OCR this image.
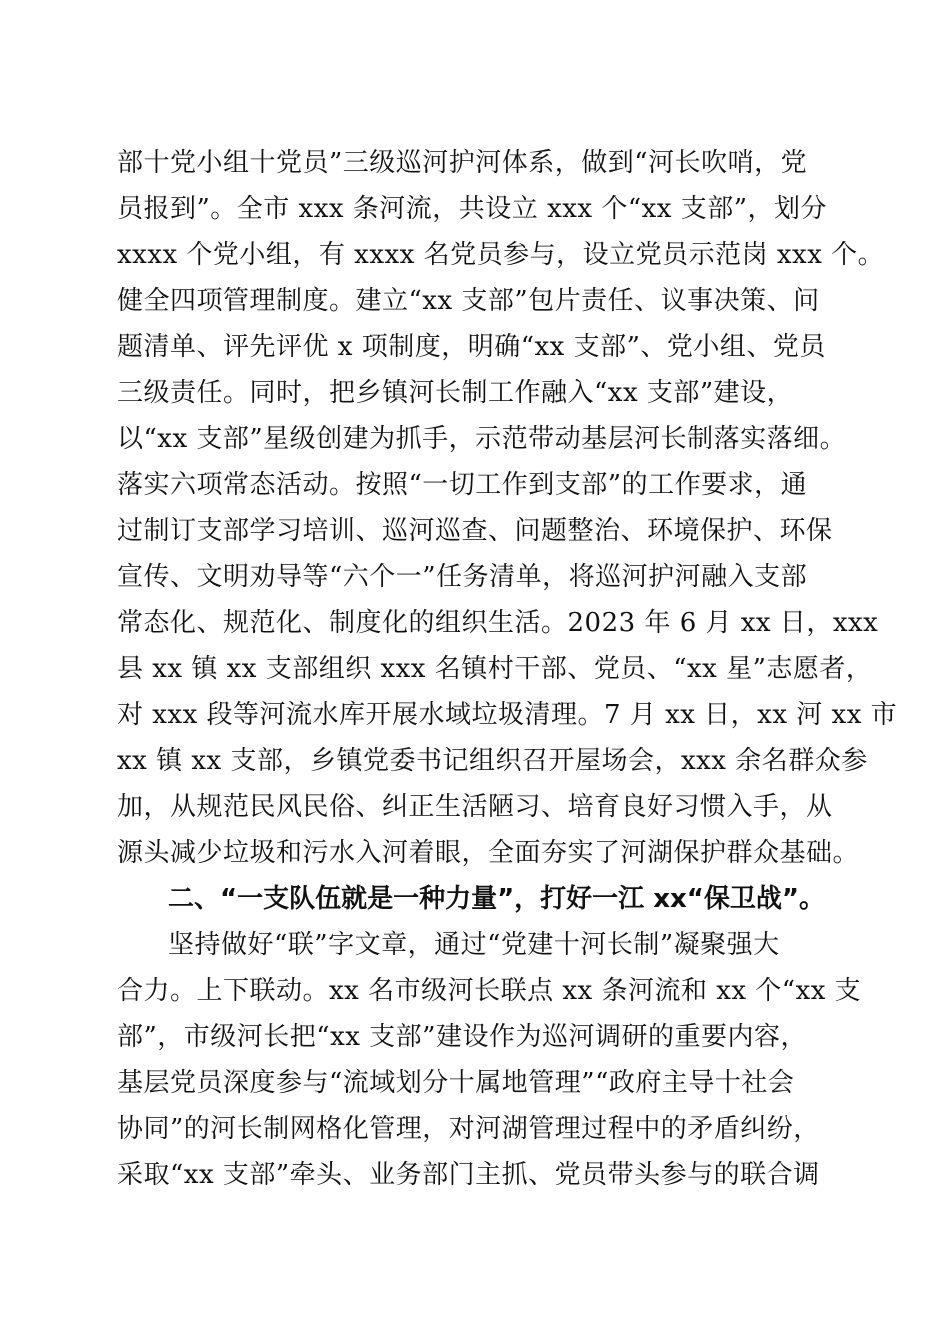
部十党小组十党员”三级巡河护河体系，做到“河长吹哨，党
员报到”。全市 xxx 条河流，共设立 xxx 个“xx 支部”，划分
xxxx 个党小组，有 xxxx 名党员参与，设立党员示范岗 xxx 个。
健全四项管理制度。建立“xx 支部”包片责任、议事决策、问
题清单、评先评优 x 项制度，明确“xx 支部”、党小组、党员
三级责任。同时，把乡镇河长制工作融入“xx 支部”建设，
以“xx 支部”星级创建为抓手，示范带动基层河长制落实落细。
落实六项常态活动。按照“一切工作到支部”的工作要求，通
过制订支部学习培训、巡河巡查、问题整治、环境保护、环保
宣传、文明劝导等“六个一”任务清单，将巡河护河融入支部
常态化、规范化、制度化的组织生活。2023 年 6 月 xx 日，xxx
县 xx 镇 xx 支部组织 xxx 名镇村干部、党员、“xx 星”志愿者，
对 xxx 段等河流水库开展水域垃圾清理。7 月 xx 日，xx 河 xx 市
xx 镇 xx 支部，乡镇党委书记组织召开屋场会，xxx 余名群众参
加，从规范民风民俗、纠正生活陋习、培育良好习惯入手，从
源头减少垃圾和污水入河着眼，全面夯实了河湖保护群众基础。
二、“一支队伍就是一种力量”，打好一江 xx“保卫战”。
坚持做好“联”字文章，通过“党建十河长制”凝聚强大
合力。上下联动。xx 名市级河长联点 xx 条河流和 xx 个“xx 支
部”，市级河长把“xx 支部”建设作为巡河调研的重要内容，
基层党员深度参与“流域划分十属地管理”“政府主导十社会
协同”的河长制网格化管理，对河湖管理过程中的矛盾纠纷，
采取“xx 支部”牵头、业务部门主抓、党员带头参与的联合调
